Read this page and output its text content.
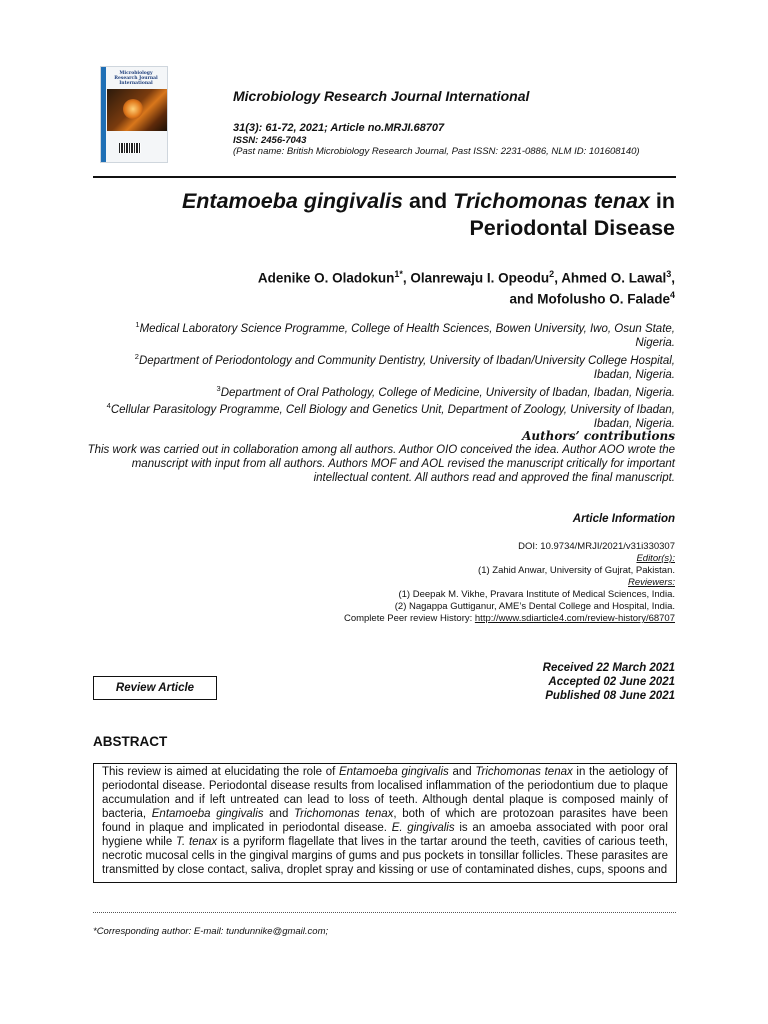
Microbiology Research Journal International
Microbiology Research Journal International
31(3): 61-72, 2021; Article no.MRJI.68707
ISSN: 2456-7043
(Past name: British Microbiology Research Journal, Past ISSN: 2231-0886, NLM ID: 101608140)
Entamoeba gingivalis and Trichomonas tenax in
Periodontal Disease
Adenike O. Oladokun$^{1*}$, Olanrewaju I. Opeodu$^2$, Ahmed O. Lawal$^3$,
and Mofolusho O. Falade$^4$
$^1$Medical Laboratory Science Programme, College of Health Sciences, Bowen University, Iwo, Osun State, Nigeria.
$^2$Department of Periodontology and Community Dentistry, University of Ibadan/University College Hospital, Ibadan, Nigeria.
$^3$Department of Oral Pathology, College of Medicine, University of Ibadan, Ibadan, Nigeria.
$^4$Cellular Parasitology Programme, Cell Biology and Genetics Unit, Department of Zoology, University of Ibadan, Ibadan, Nigeria.
Authors’ contributions
This work was carried out in collaboration among all authors. Author OIO conceived the idea. Author AOO wrote the manuscript with input from all authors. Authors MOF and AOL revised the manuscript critically for important intellectual content. All authors read and approved the final manuscript.
Article Information
DOI: 10.9734/MRJI/2021/v31i330307
Editor(s):
(1) Zahid Anwar, University of Gujrat, Pakistan.
Reviewers:
(1) Deepak M. Vikhe, Pravara Institute of Medical Sciences, India.
(2) Nagappa Guttiganur, AME’s Dental College and Hospital, India.
Complete Peer review History: http://www.sdiarticle4.com/review-history/68707
Received 22 March 2021
Accepted 02 June 2021
Published 08 June 2021
Review Article
ABSTRACT
This review is aimed at elucidating the role of Entamoeba gingivalis and Trichomonas tenax in the aetiology of periodontal disease. Periodontal disease results from localised inflammation of the periodontium due to plaque accumulation and if left untreated can lead to loss of teeth. Although dental plaque is composed mainly of bacteria, Entamoeba gingivalis and Trichomonas tenax, both of which are protozoan parasites have been found in plaque and implicated in periodontal disease. E. gingivalis is an amoeba associated with poor oral hygiene while T. tenax is a pyriform flagellate that lives in the tartar around the teeth, cavities of carious teeth, necrotic mucosal cells in the gingival margins of gums and pus pockets in tonsillar follicles. These parasites are transmitted by close contact, saliva, droplet spray and kissing or use of contaminated dishes, cups, spoons and
*Corresponding author: E-mail: tundunnike@gmail.com;
